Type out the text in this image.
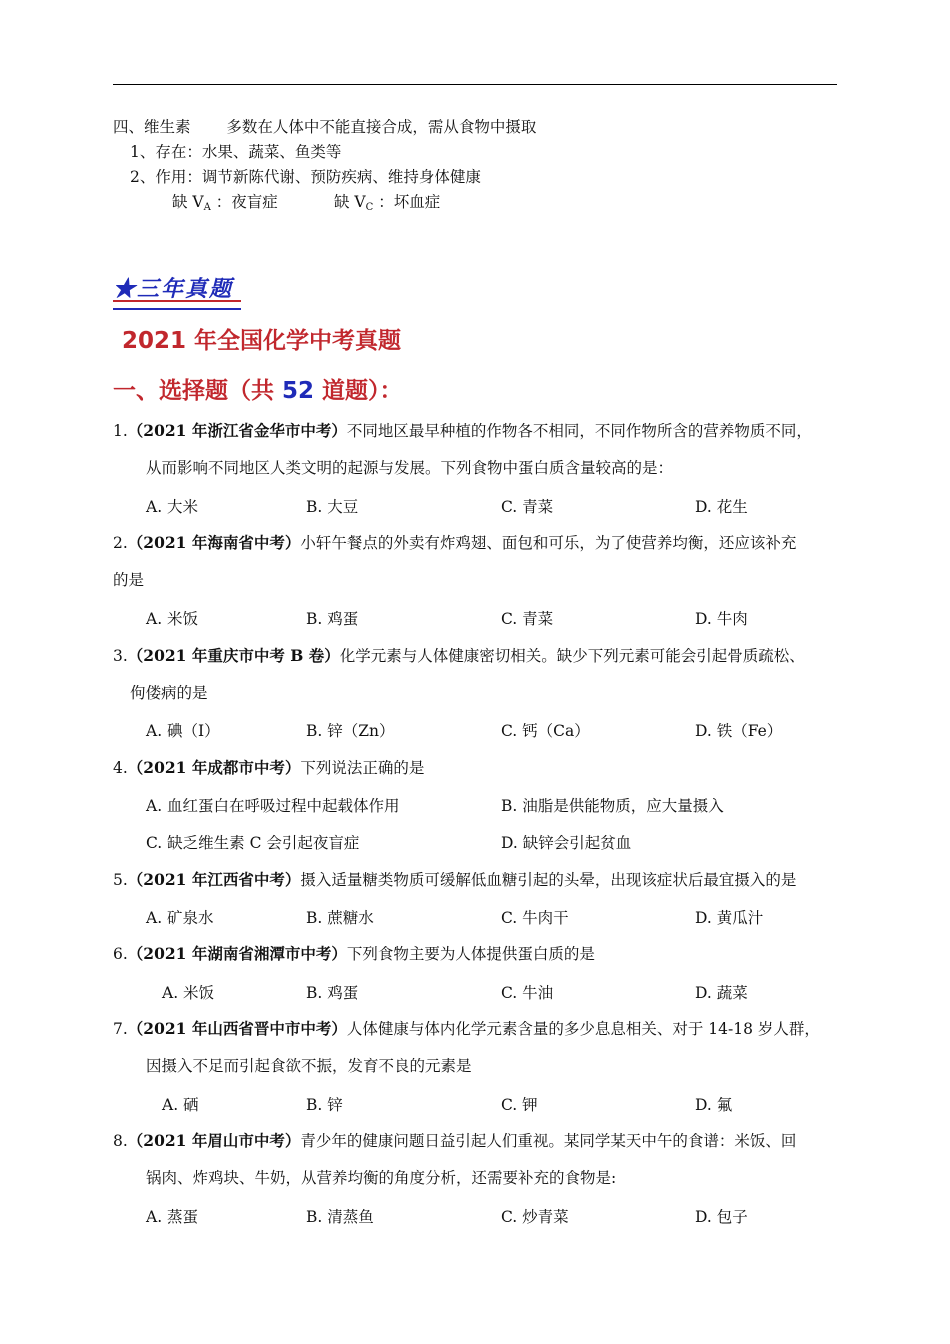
四、维生素 多数在人体中不能直接合成，需从食物中摄取
1、存在：水果、蔬菜、鱼类等
2、作用：调节新陈代谢、预防疾病、维持身体健康
缺 $V_A$ ：夜盲症	缺 $V_C$ ：坏血症
★三年真题
2021 年全国化学中考真题
一、选择题（共 52 道题）：
1.（2021 年浙江省金华市中考）不同地区最早种植的作物各不相同，不同作物所含的营养物质不同，
从而影响不同地区人类文明的起源与发展。下列食物中蛋白质含量较高的是：
A. 大米	B. 大豆	C. 青菜	D. 花生
2.（2021 年海南省中考）小轩午餐点的外卖有炸鸡翅、面包和可乐，为了使营养均衡，还应该补充
的是
A. 米饭	B. 鸡蛋	C. 青菜	D. 牛肉
3.（2021 年重庆市中考 B 卷）化学元素与人体健康密切相关。缺少下列元素可能会引起骨质疏松、
佝偻病的是
A. 碘（I）	B. 锌（Zn）	C. 钙（Ca）	D. 铁（Fe）
4.（2021 年成都市中考）下列说法正确的是
A. 血红蛋白在呼吸过程中起载体作用	B. 油脂是供能物质，应大量摄入
C. 缺乏维生素 C 会引起夜盲症	D. 缺锌会引起贫血
5.（2021 年江西省中考）摄入适量糖类物质可缓解低血糖引起的头晕，出现该症状后最宜摄入的是
A. 矿泉水	B. 蔗糖水	C. 牛肉干	D. 黄瓜汁
6.（2021 年湖南省湘潭市中考）下列食物主要为人体提供蛋白质的是
A. 米饭	B. 鸡蛋	C. 牛油	D. 蔬菜
7.（2021 年山西省晋中市中考）人体健康与体内化学元素含量的多少息息相关、对于 14-18 岁人群，
因摄入不足而引起食欲不振，发育不良的元素是
A. 硒	B. 锌	C. 钾	D. 氟
8.（2021 年眉山市中考）青少年的健康问题日益引起人们重视。某同学某天中午的食谱：米饭、回
锅肉、炸鸡块、牛奶，从营养均衡的角度分析，还需要补充的食物是:
A. 蒸蛋	B. 清蒸鱼	C. 炒青菜	D. 包子
